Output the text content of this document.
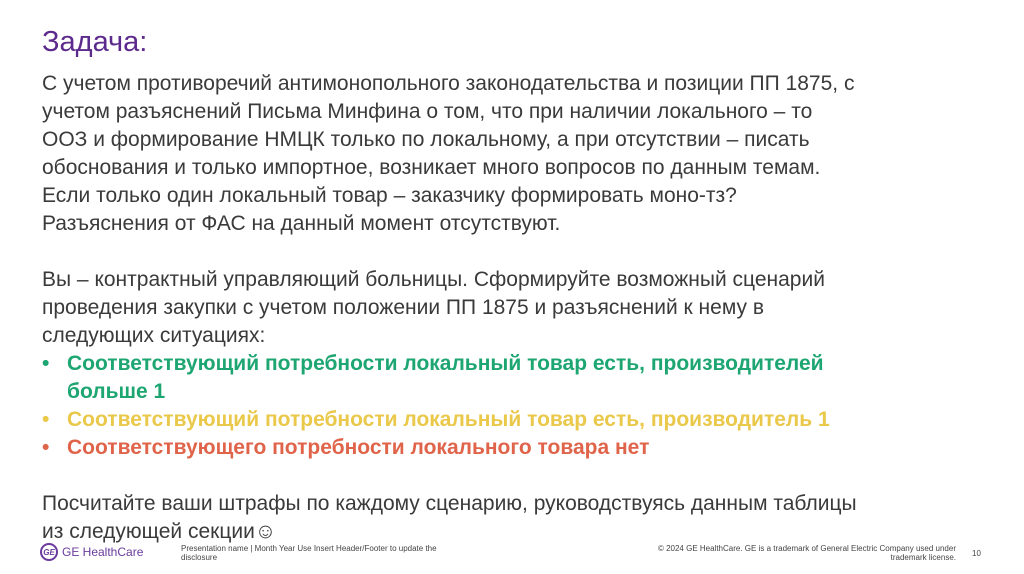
Задача:

С учетом противоречий антимонопольного законодательства и позиции ПП 1875, с
учетом разъяснений Письма Минфина о том, что при наличии локального – то
ООЗ и формирование НМЦК только по локальному, а при отсутствии – писать
обоснования и только импортное, возникает много вопросов по данным темам.
Если только один локальный товар – заказчику формировать моно-тз?
Разъяснения от ФАС на данный момент отсутствуют.

Вы – контрактный управляющий больницы. Сформируйте возможный сценарий
проведения закупки с учетом положении ПП 1875 и разъяснений к нему в
следующих ситуациях:

• Соответствующий потребности локальный товар есть, производителей
больше 1
• Соответствующий потребности локальный товар есть, производитель 1
• Соответствующего потребности локального товара нет

Посчитайте ваши штрафы по каждому сценарию, руководствуясь данным таблицы
из следующей секции☺

GE GE HealthCare	Presentation name | Month Year Use Insert Header/Footer to update the
disclosure
© 2024 GE HealthCare. GE is a trademark of General Electric Company used under
trademark license. 10
